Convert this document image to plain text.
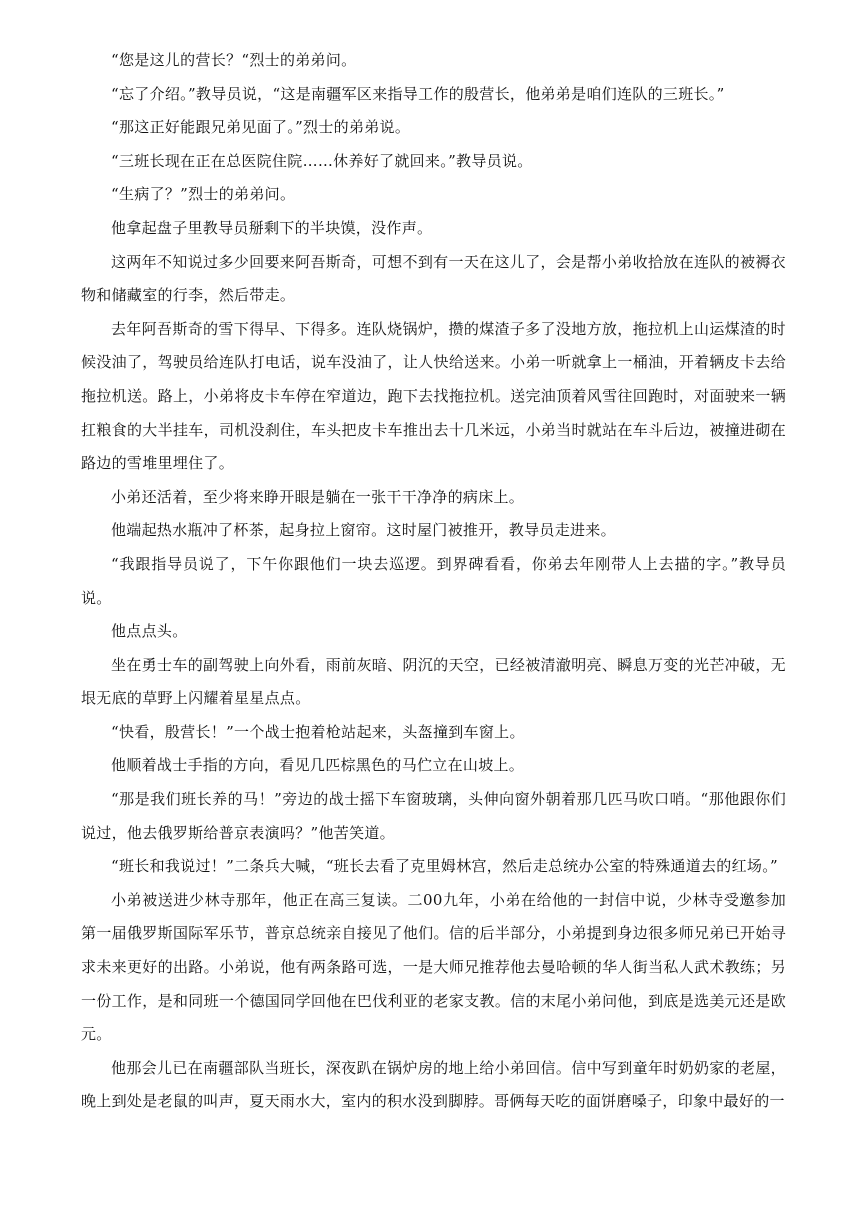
“您是这儿的营长？“烈士的弟弟问。

“忘了介绍。”教导员说，“这是南疆军区来指导工作的殷营长，他弟弟是咱们连队的三班长。”

“那这正好能跟兄弟见面了。”烈士的弟弟说。

“三班长现在正在总医院住院……休养好了就回来。”教导员说。

“生病了？”烈士的弟弟问。

他拿起盘子里教导员掰剩下的半块馍，没作声。

这两年不知说过多少回要来阿吾斯奇，可想不到有一天在这儿了，会是帮小弟收拾放在连队的被褥衣物和储藏室的行李，然后带走。

去年阿吾斯奇的雪下得早、下得多。连队烧锅炉，攒的煤渣子多了没地方放，拖拉机上山运煤渣的时候没油了，驾驶员给连队打电话，说车没油了，让人快给送来。小弟一听就拿上一桶油，开着辆皮卡去给拖拉机送。路上，小弟将皮卡车停在窄道边，跑下去找拖拉机。送完油顶着风雪往回跑时，对面驶来一辆扛粮食的大半挂车，司机没刹住，车头把皮卡车推出去十几米远，小弟当时就站在车斗后边，被撞进砌在路边的雪堆里埋住了。

小弟还活着，至少将来睁开眼是躺在一张干干净净的病床上。

他端起热水瓶冲了杯茶，起身拉上窗帘。这时屋门被推开，教导员走进来。

“我跟指导员说了，下午你跟他们一块去巡逻。到界碑看看，你弟去年刚带人上去描的字。”教导员说。

他点点头。

坐在勇士车的副驾驶上向外看，雨前灰暗、阴沉的天空，已经被清澈明亮、瞬息万变的光芒冲破，无垠无底的草野上闪耀着星星点点。

“快看，殷营长！”一个战士抱着枪站起来，头盔撞到车窗上。

他顺着战士手指的方向，看见几匹棕黑色的马伫立在山坡上。

“那是我们班长养的马！”旁边的战士摇下车窗玻璃，头伸向窗外朝着那几匹马吹口哨。“那他跟你们说过，他去俄罗斯给普京表演吗？”他苦笑道。

“班长和我说过！”二条兵大喊，“班长去看了克里姆林宫，然后走总统办公室的特殊通道去的红场。”

小弟被送进少林寺那年，他正在高三复读。二00九年，小弟在给他的一封信中说，少林寺受邀参加第一届俄罗斯国际军乐节，普京总统亲自接见了他们。信的后半部分，小弟提到身边很多师兄弟已开始寻求未来更好的出路。小弟说，他有两条路可选，一是大师兄推荐他去曼哈顿的华人街当私人武术教练；另一份工作，是和同班一个德国同学回他在巴伐利亚的老家支教。信的末尾小弟问他，到底是选美元还是欧元。

他那会儿已在南疆部队当班长，深夜趴在锅炉房的地上给小弟回信。信中写到童年时奶奶家的老屋，晚上到处是老鼠的叫声，夏天雨水大，室内的积水没到脚脖。哥俩每天吃的面饼磨嗓子，印象中最好的一
